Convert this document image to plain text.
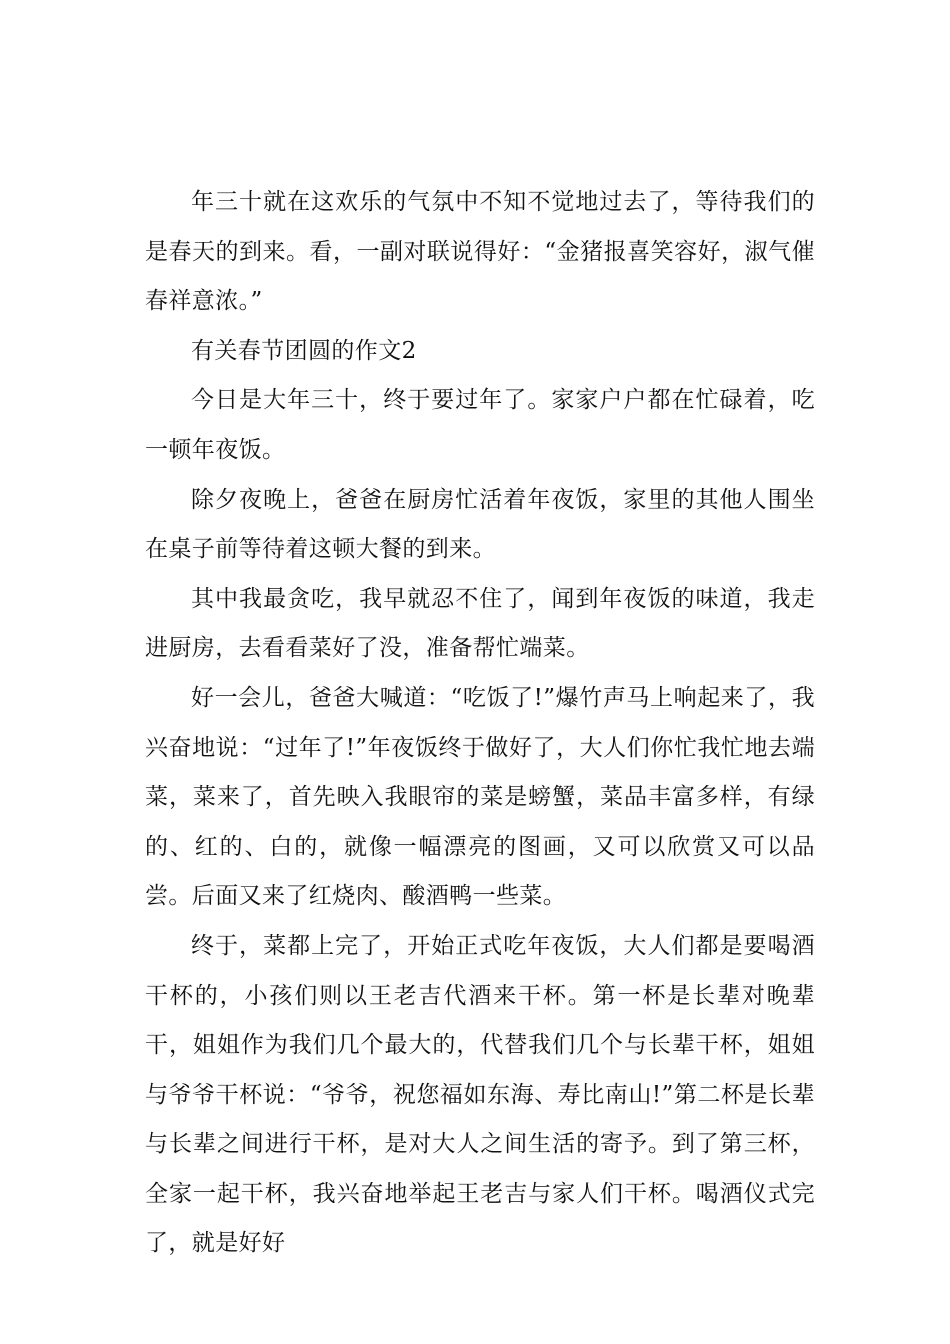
年三十就在这欢乐的气氛中不知不觉地过去了，等待我们的是春天的到来。看，一副对联说得好：“金猪报喜笑容好，淑气催春祥意浓。”

有关春节团圆的作文2

今日是大年三十，终于要过年了。家家户户都在忙碌着，吃一顿年夜饭。

除夕夜晚上，爸爸在厨房忙活着年夜饭，家里的其他人围坐在桌子前等待着这顿大餐的到来。

其中我最贪吃，我早就忍不住了，闻到年夜饭的味道，我走进厨房，去看看菜好了没，准备帮忙端菜。

好一会儿，爸爸大喊道：“吃饭了!”爆竹声马上响起来了，我兴奋地说：“过年了!”年夜饭终于做好了，大人们你忙我忙地去端菜，菜来了，首先映入我眼帘的菜是螃蟹，菜品丰富多样，有绿的、红的、白的，就像一幅漂亮的图画，又可以欣赏又可以品尝。后面又来了红烧肉、酸酒鸭一些菜。

终于，菜都上完了，开始正式吃年夜饭，大人们都是要喝酒干杯的，小孩们则以王老吉代酒来干杯。第一杯是长辈对晚辈干，姐姐作为我们几个最大的，代替我们几个与长辈干杯，姐姐与爷爷干杯说：“爷爷，祝您福如东海、寿比南山!”第二杯是长辈与长辈之间进行干杯，是对大人之间生活的寄予。到了第三杯，全家一起干杯，我兴奋地举起王老吉与家人们干杯。喝酒仪式完了，就是好好
